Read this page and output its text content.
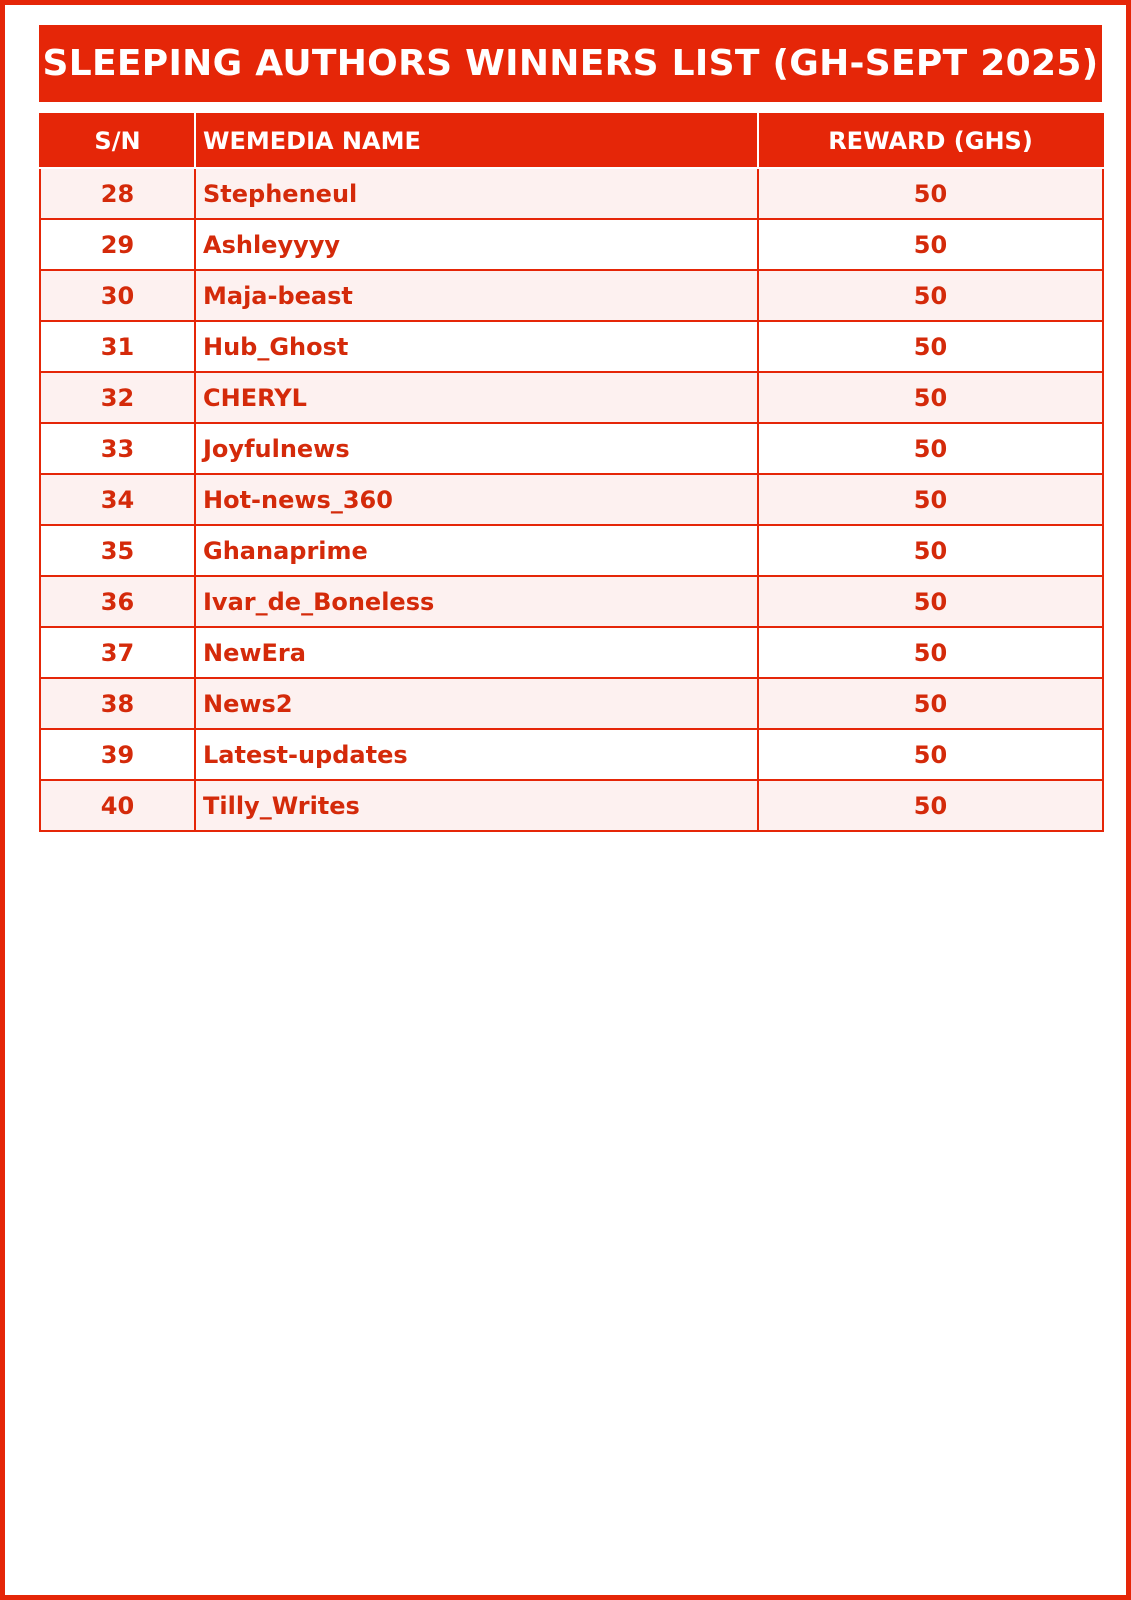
SLEEPING AUTHORS WINNERS LIST (GH-SEPT 2025)
S/N	WEMEDIA NAME	REWARD (GHS)
28	Stepheneul	50
29	Ashleyyyy	50
30	Maja-beast	50
31	Hub_Ghost	50
32	CHERYL	50
33	Joyfulnews	50
34	Hot-news_360	50
35	Ghanaprime	50
36	Ivar_de_Boneless	50
37	NewEra	50
38	News2	50
39	Latest-updates	50
40	Tilly_Writes	50
